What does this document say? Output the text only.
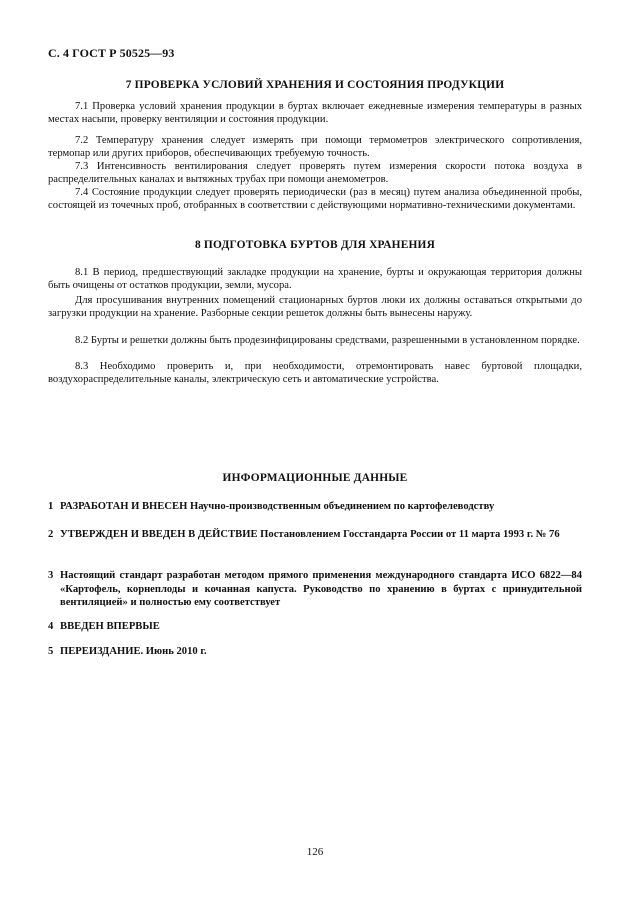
С. 4 ГОСТ Р 50525—93
7 ПРОВЕРКА УСЛОВИЙ ХРАНЕНИЯ И СОСТОЯНИЯ ПРОДУКЦИИ

7.1 Проверка условий хранения продукции в буртах включает ежедневные измерения температуры в разных местах насыпи, проверку вентиляции и состояния продукции.

7.2 Температуру хранения следует измерять при помощи термометров электрического сопротивления, термопар или других приборов, обеспечивающих требуемую точность.

7.3 Интенсивность вентилирования следует проверять путем измерения скорости потока воздуха в распределительных каналах и вытяжных трубах при помощи анемометров.

7.4 Состояние продукции следует проверять периодически (раз в месяц) путем анализа объединенной пробы, состоящей из точечных проб, отобранных в соответствии с действующими нормативно-техническими документами.

8 ПОДГОТОВКА БУРТОВ ДЛЯ ХРАНЕНИЯ

8.1 В период, предшествующий закладке продукции на хранение, бурты и окружающая территория должны быть очищены от остатков продукции, земли, мусора.

Для просушивания внутренних помещений стационарных буртов люки их должны оставаться открытыми до загрузки продукции на хранение. Разборные секции решеток должны быть вынесены наружу.

8.2 Бурты и решетки должны быть продезинфицированы средствами, разрешенными в установленном порядке.

8.3 Необходимо проверить и, при необходимости, отремонтировать навес буртовой площадки, воздухораспределительные каналы, электрическую сеть и автоматические устройства.

ИНФОРМАЦИОННЫЕ ДАННЫЕ
1 РАЗРАБОТАН И ВНЕСЕН Научно-производственным объединением по картофелеводству
2 УТВЕРЖДЕН И ВВЕДЕН В ДЕЙСТВИЕ Постановлением Госстандарта России от 11 марта 1993 г. № 76
3 Настоящий стандарт разработан методом прямого применения международного стандарта ИСО 6822—84 «Картофель, корнеплоды и кочанная капуста. Руководство по хранению в буртах с принудительной вентиляцией» и полностью ему соответствует
4 ВВЕДЕН ВПЕРВЫЕ
5 ПЕРЕИЗДАНИЕ. Июнь 2010 г.
126
